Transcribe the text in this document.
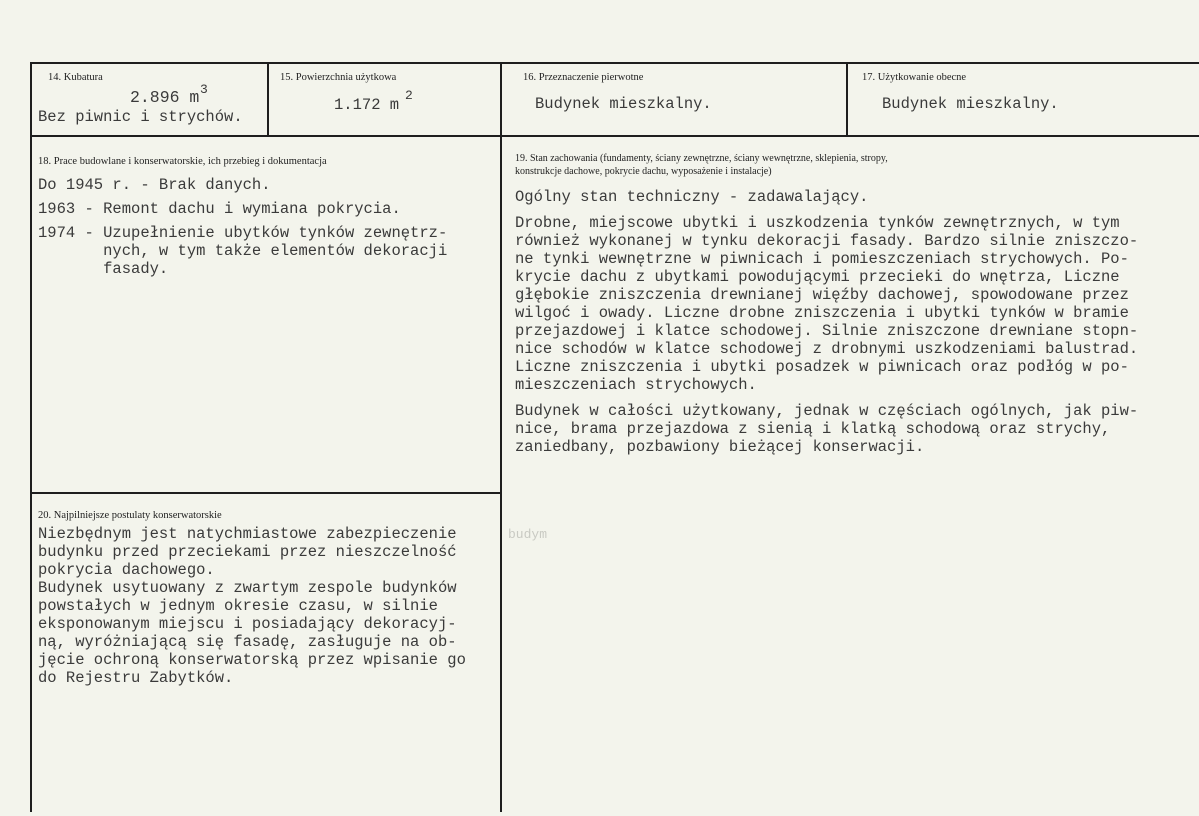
14. Kubatura
2.896 m 3
Bez piwnic i strychów.
15. Powierzchnia użytkowa
1.172 m
2
16. Przeznaczenie pierwotne
Budynek mieszkalny.
17. Użytkowanie obecne
Budynek mieszkalny.
18. Prace budowlane i konserwatorskie, ich przebieg i dokumentacja
Do 1945 r. - Brak danych.
1963 - Remont dachu i wymiana pokrycia.
1974 - Uzupełnienie ubytków tynków zewnętrz-
nych, w tym także elementów dekoracji
fasady.
19. Stan zachowania (fundamenty, ściany zewnętrzne, ściany wewnętrzne, sklepienia, stropy,
konstrukcje dachowe, pokrycie dachu, wyposażenie i instalacje)
Ogólny stan techniczny - zadawalający.
Drobne, miejscowe ubytki i uszkodzenia tynków zewnętrznych, w tym
również wykonanej w tynku dekoracji fasady. Bardzo silnie zniszczo-
ne tynki wewnętrzne w piwnicach i pomieszczeniach strychowych. Po-
krycie dachu z ubytkami powodującymi przecieki do wnętrza, Liczne
głębokie zniszczenia drewnianej więźby dachowej, spowodowane przez
wilgoć i owady. Liczne drobne zniszczenia i ubytki tynków w bramie
przejazdowej i klatce schodowej. Silnie zniszczone drewniane stopn-
nice schodów w klatce schodowej z drobnymi uszkodzeniami balustrad.
Liczne zniszczenia i ubytki posadzek w piwnicach oraz podłóg w po-
mieszczeniach strychowych.
Budynek w całości użytkowany, jednak w częściach ogólnych, jak piw-
nice, brama przejazdowa z sienią i klatką schodową oraz strychy,
zaniedbany, pozbawiony bieżącej konserwacji.
20. Najpilniejsze postulaty konserwatorskie
Niezbędnym jest natychmiastowe zabezpieczenie
budynku przed przeciekami przez nieszczelność
pokrycia dachowego.
Budynek usytuowany z zwartym zespole budynków
powstałych w jednym okresie czasu, w silnie
eksponowanym miejscu i posiadający dekoracyj-
ną, wyróżniającą się fasadę, zasługuje na ob-
jęcie ochroną konserwatorską przez wpisanie go
do Rejestru Zabytków.
budym
